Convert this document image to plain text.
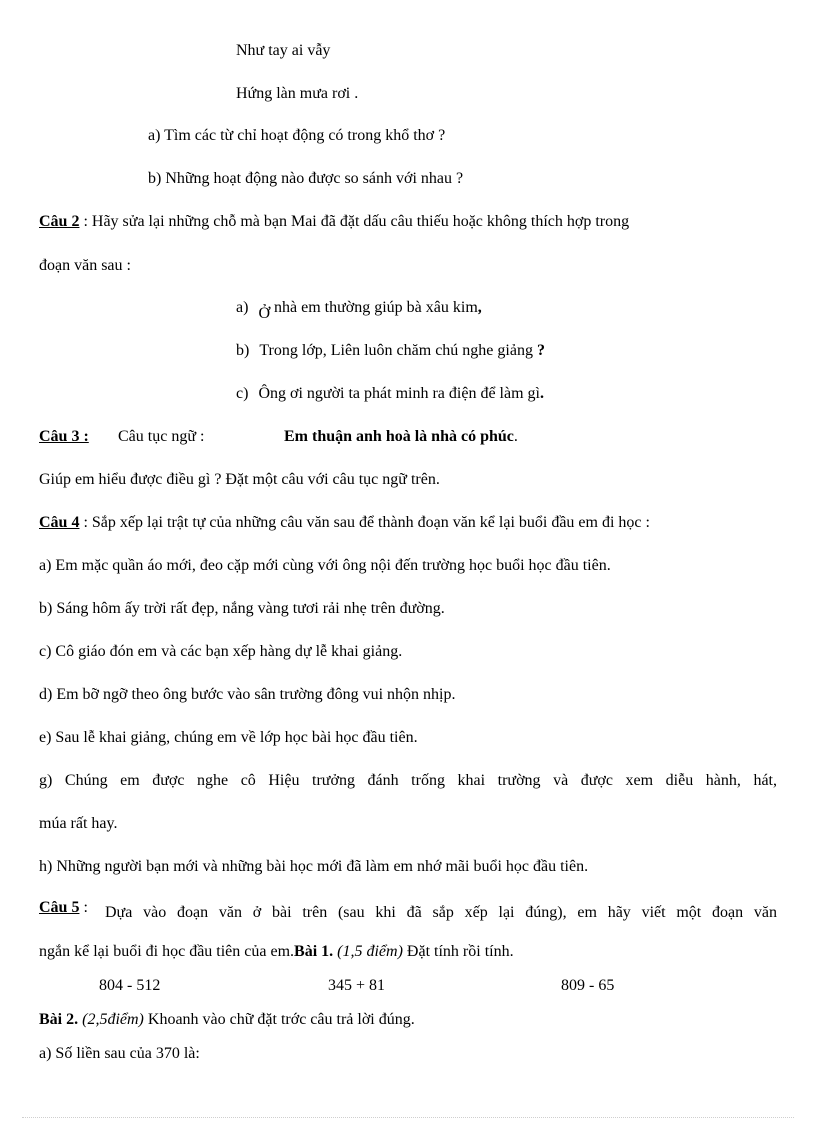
Như tay ai vẫy
Hứng làn mưa rơi .
a) Tìm các từ chỉ hoạt động có trong khổ thơ ?
b) Những hoạt động nào được so sánh với nhau ?
Câu 2 : Hãy sửa lại những chỗ mà bạn Mai đã đặt dấu câu thiếu hoặc không thích hợp trong
đoạn văn sau :
a) Ở nhà em thường giúp bà xâu kim,
b) Trong lớp, Liên luôn chăm chú nghe giảng ?
c) Ông ơi người ta phát minh ra điện để làm gì.
Câu 3 : Câu tục ngữ :	Em thuận anh hoà là nhà có phúc.
Giúp em hiểu được điều gì ? Đặt một câu với câu tục ngữ trên.
Câu 4 : Sắp xếp lại trật tự của những câu văn sau để thành đoạn văn kể lại buổi đầu em đi học :
a) Em mặc quần áo mới, đeo cặp mới cùng với ông nội đến trường học buổi học đầu tiên.
b) Sáng hôm ấy trời rất đẹp, nắng vàng tươi rải nhẹ trên đường.
c) Cô giáo đón em và các bạn xếp hàng dự lễ khai giảng.
d) Em bỡ ngỡ theo ông bước vào sân trường đông vui nhộn nhịp.
e) Sau lễ khai giảng, chúng em về lớp học bài học đầu tiên.
g) Chúng em được nghe cô Hiệu trưởng đánh trống khai trường và được xem diễu hành, hát,
múa rất hay.
h) Những người bạn mới và những bài học mới đã làm em nhớ mãi buổi học đầu tiên.
Câu 5 : Dựa vào đoạn văn ở bài trên (sau khi đã sắp xếp lại đúng), em hãy viết một đoạn văn
ngắn kể lại buổi đi học đầu tiên của em.Bài 1. (1,5 điểm) Đặt tính rồi tính.
804 - 512	345 + 81	809 - 65
Bài 2. (2,5điểm) Khoanh vào chữ đặt trớc câu trả lời đúng.
a) Số liền sau của 370 là:
